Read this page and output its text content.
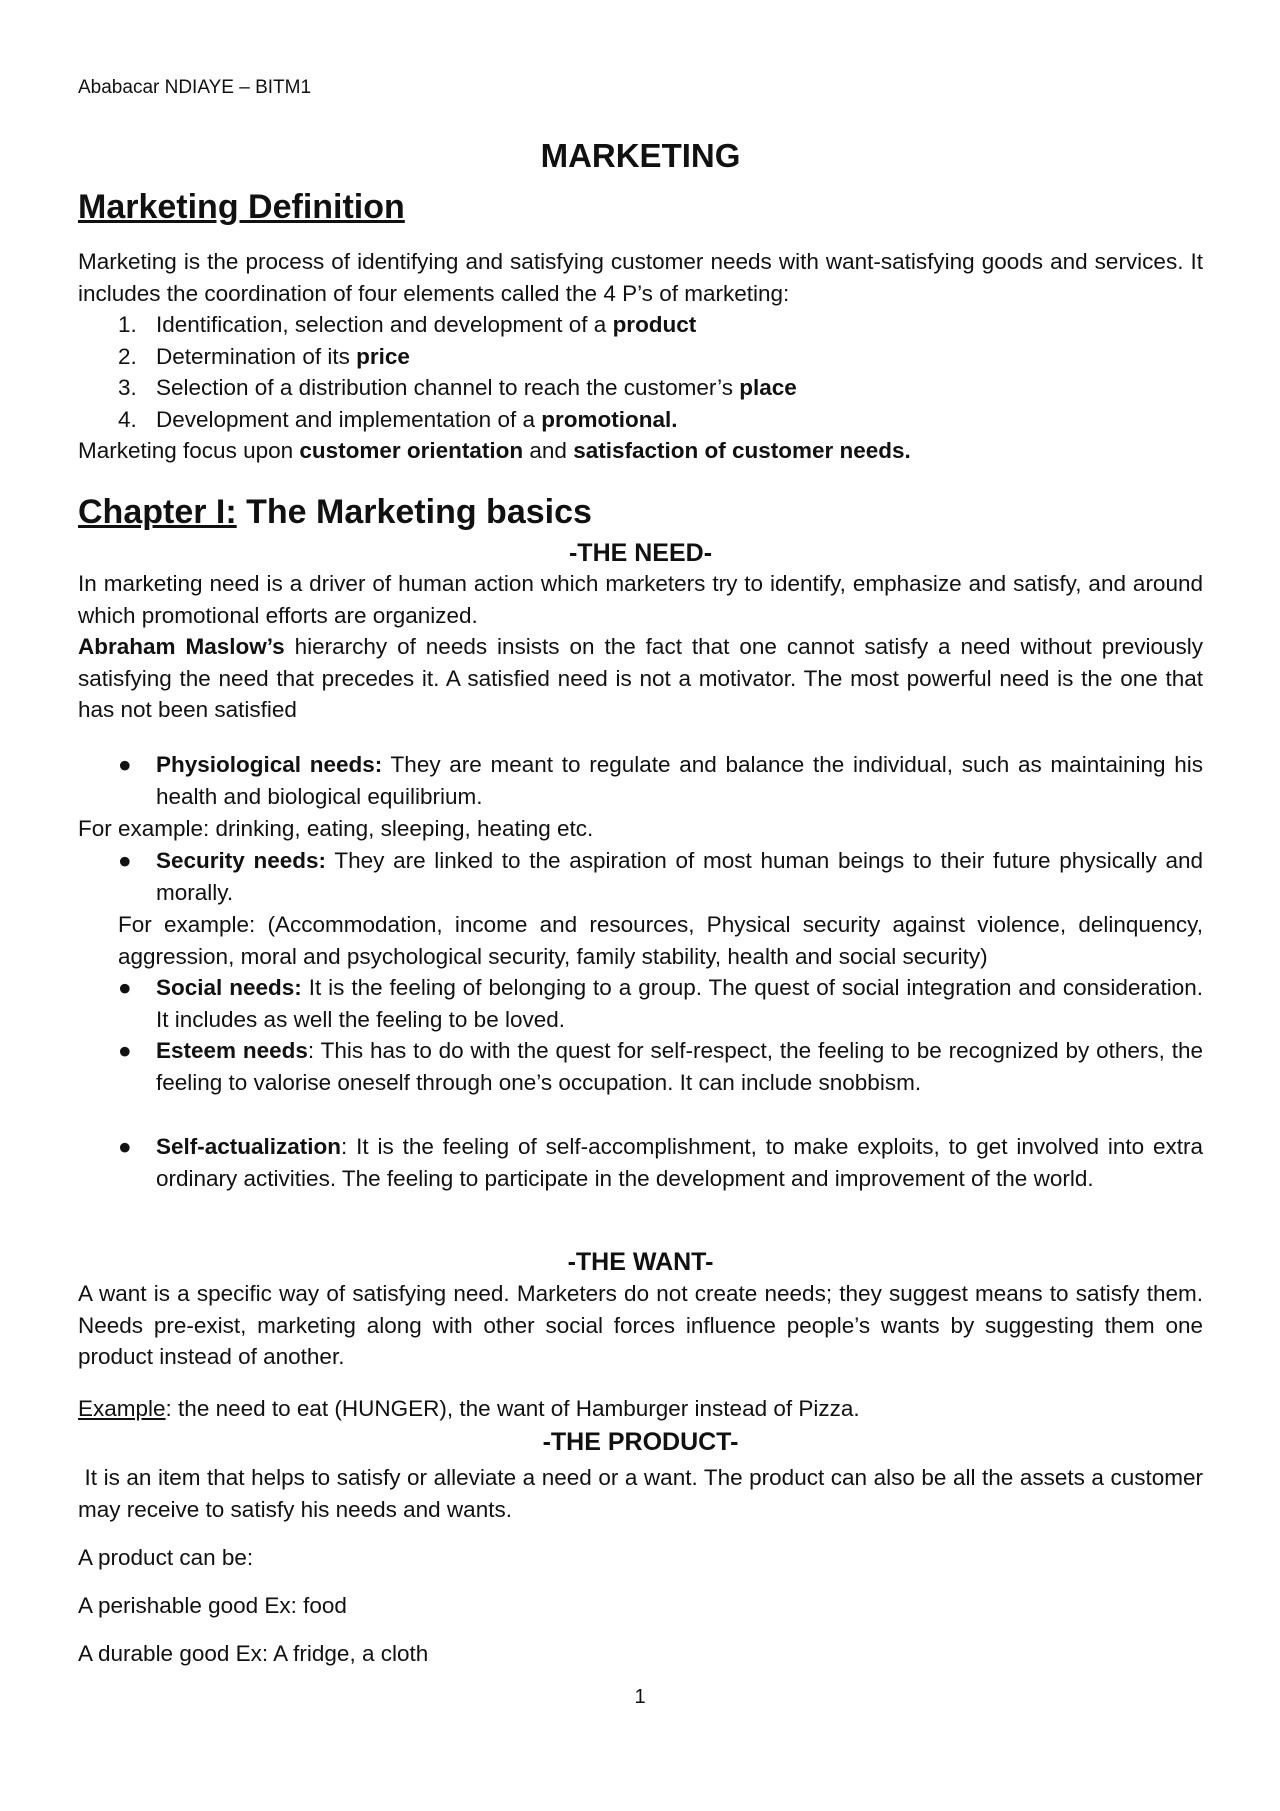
Ababacar NDIAYE – BITM1
MARKETING
Marketing Definition
Marketing is the process of identifying and satisfying customer needs with want-satisfying goods and services. It includes the coordination of four elements called the 4 P’s of marketing:
1. Identification, selection and development of a product
2. Determination of its price
3. Selection of a distribution channel to reach the customer’s place
4. Development and implementation of a promotional.
Marketing focus upon customer orientation and satisfaction of customer needs.
Chapter I: The Marketing basics
-THE NEED-
In marketing need is a driver of human action which marketers try to identify, emphasize and satisfy, and around which promotional efforts are organized.
Abraham Maslow’s hierarchy of needs insists on the fact that one cannot satisfy a need without previously satisfying the need that precedes it. A satisfied need is not a motivator. The most powerful need is the one that has not been satisfied
● Physiological needs: They are meant to regulate and balance the individual, such as maintaining his health and biological equilibrium.
For example: drinking, eating, sleeping, heating etc.
● Security needs: They are linked to the aspiration of most human beings to their future physically and morally.
For example: (Accommodation, income and resources, Physical security against violence, delinquency, aggression, moral and psychological security, family stability, health and social security)
● Social needs: It is the feeling of belonging to a group. The quest of social integration and consideration. It includes as well the feeling to be loved.
● Esteem needs: This has to do with the quest for self-respect, the feeling to be recognized by others, the feeling to valorise oneself through one’s occupation. It can include snobbism.
● Self-actualization: It is the feeling of self-accomplishment, to make exploits, to get involved into extra ordinary activities. The feeling to participate in the development and improvement of the world.
-THE WANT-
A want is a specific way of satisfying need. Marketers do not create needs; they suggest means to satisfy them. Needs pre-exist, marketing along with other social forces influence people’s wants by suggesting them one product instead of another.
Example: the need to eat (HUNGER), the want of Hamburger instead of Pizza.
-THE PRODUCT-
It is an item that helps to satisfy or alleviate a need or a want. The product can also be all the assets a customer may receive to satisfy his needs and wants.
A product can be:
A perishable good Ex: food
A durable good Ex: A fridge, a cloth
1
